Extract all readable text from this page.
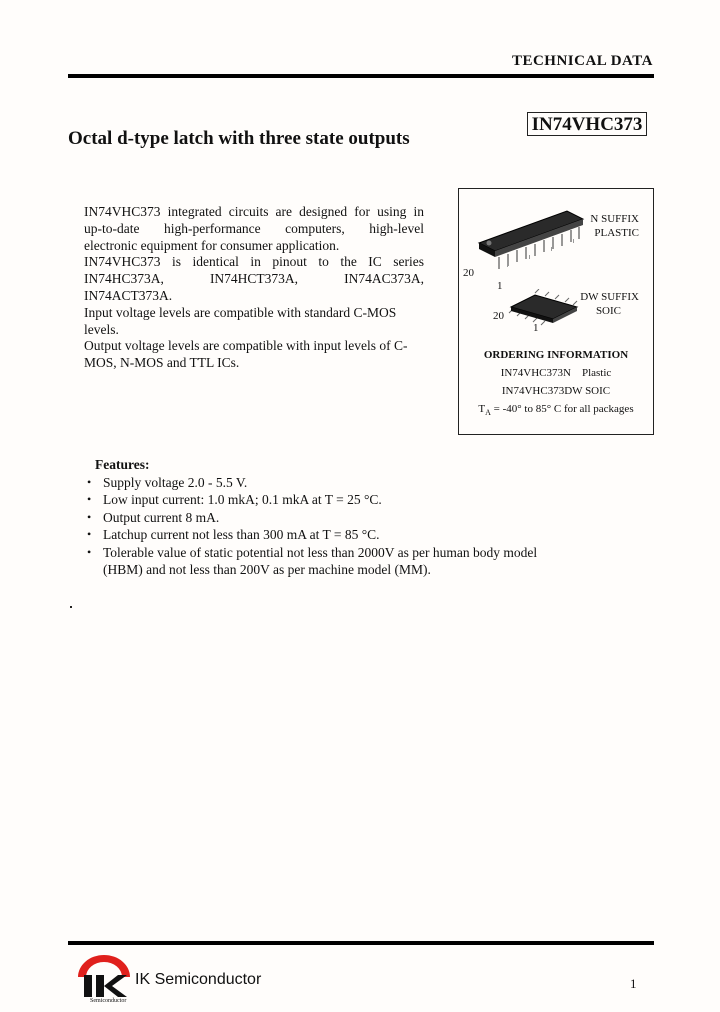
TECHNICAL DATA
IN74VHC373
Octal d-type latch with three state outputs
IN74VHC373 integrated circuits are designed for using in
up-to-date high-performance computers, high-level
electronic equipment for consumer application.
IN74VHC373 is identical in pinout to the IC series
IN74HC373A,	IN74HCT373A,	IN74AC373A,
IN74ACT373A.

Input voltage levels are compatible with standard C-MOS levels.

Output voltage levels are compatible with input levels of C-MOS, N-MOS and TTL ICs.

N SUFFIX
PLASTIC
20
1
DW SUFFIX
SOIC
20
1
ORDERING INFORMATION
IN74VHC373N    Plastic
IN74VHC373DW SOIC
$T_A = -40^\circ$ to 85° C for all packages
Features:
• Supply voltage 2.0 - 5.5 V.
• Low input current: 1.0 mkA; 0.1 mkA at T = 25 °C.
• Output current 8 mA.
• Latchup current not less than 300 mA at T = 85 °C.
• Tolerable value of static potential not less than 2000V as per human body model
(HBM) and not less than 200V as per machine model (MM).
Semiconductor
IK Semiconductor	1
